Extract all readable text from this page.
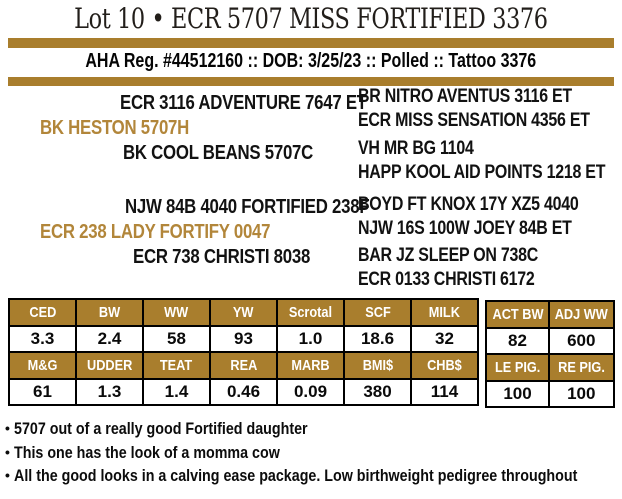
Lot 10 • ECR 5707 MISS FORTIFIED 3376
AHA Reg. #44512160 :: DOB: 3/25/23 :: Polled :: Tattoo 3376
ECR 3116 ADVENTURE 7647 ET
BK HESTON 5707H
BK COOL BEANS 5707C
BR NITRO AVENTUS 3116 ET
ECR MISS SENSATION 4356 ET
VH MR BG 1104
HAPP KOOL AID POINTS 1218 ET
NJW 84B 4040 FORTIFIED 238F
ECR 238 LADY FORTIFY 0047
ECR 738 CHRISTI 8038
BOYD FT KNOX 17Y XZ5 4040
NJW 16S 100W JOEY 84B ET
BAR JZ SLEEP ON 738C
ECR 0133 CHRISTI 6172
CED	BW	WW	YW	Scrotal	SCF	MILK
3.3	2.4	58	93	1.0	18.6	32
M&G	UDDER	TEAT	REA	MARB	BMI$	CHB$
61	1.3	1.4	0.46	0.09	380	114
ACT BW	ADJ WW
82	600
LE PIG.	RE PIG.
100	100
• 5707 out of a really good Fortified daughter
• This one has the look of a momma cow
• All the good looks in a calving ease package. Low birthweight pedigree throughout
